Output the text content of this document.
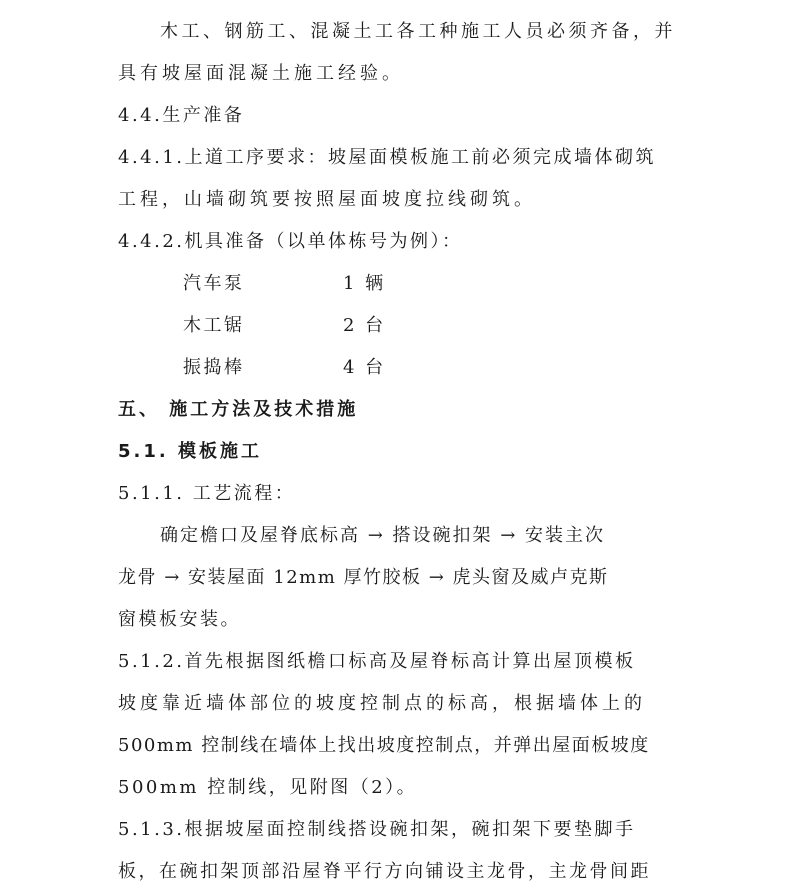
木工、钢筋工、混凝土工各工种施工人员必须齐备，并
具有坡屋面混凝土施工经验。
4.4.生产准备
4.4.1.上道工序要求：坡屋面模板施工前必须完成墙体砌筑
工程，山墙砌筑要按照屋面坡度拉线砌筑。
4.4.2.机具准备（以单体栋号为例）：
汽车泵	1 辆
木工锯	2 台
振捣棒	4 台
五、 施工方法及技术措施
5.1. 模板施工
5.1.1. 工艺流程：
确定檐口及屋脊底标高 → 搭设碗扣架 → 安装主次
龙骨 → 安装屋面 12mm 厚竹胶板 → 虎头窗及威卢克斯
窗模板安装。
5.1.2.首先根据图纸檐口标高及屋脊标高计算出屋顶模板
坡度靠近墙体部位的坡度控制点的标高，根据墙体上的
500mm 控制线在墙体上找出坡度控制点，并弹出屋面板坡度
500mm 控制线，见附图（2）。
5.1.3.根据坡屋面控制线搭设碗扣架，碗扣架下要垫脚手
板，在碗扣架顶部沿屋脊平行方向铺设主龙骨，主龙骨间距
